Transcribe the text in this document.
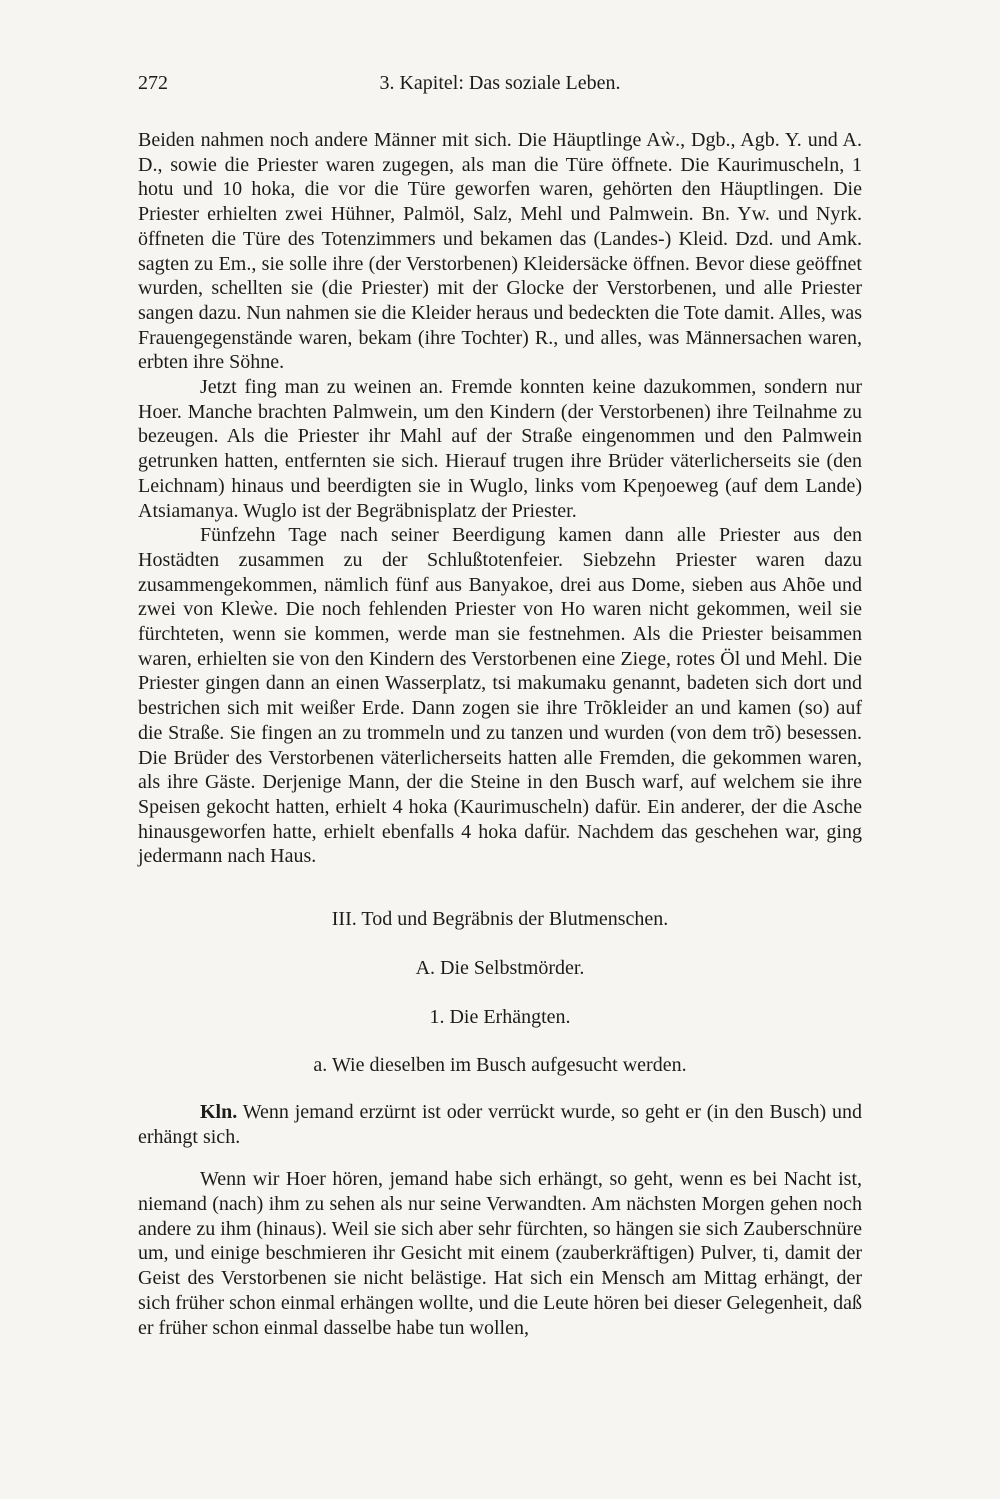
272	3. Kapitel: Das soziale Leben.

Beiden nahmen noch andere Männer mit sich. Die Häuptlinge Aẁ., Dgb., Agb. Y. und A. D., sowie die Priester waren zugegen, als man die Türe öffnete. Die Kaurimuscheln, 1 hotu und 10 hoka, die vor die Türe geworfen waren, gehörten den Häuptlingen. Die Priester erhielten zwei Hühner, Palmöl, Salz, Mehl und Palmwein. Bn. Yw. und Nyrk. öffneten die Türe des Totenzimmers und bekamen das (Landes-) Kleid. Dzd. und Amk. sagten zu Em., sie solle ihre (der Verstorbenen) Kleidersäcke öffnen. Bevor diese geöffnet wurden, schellten sie (die Priester) mit der Glocke der Verstorbenen, und alle Priester sangen dazu. Nun nahmen sie die Kleider heraus und bedeckten die Tote damit. Alles, was Frauengegenstände waren, bekam (ihre Tochter) R., und alles, was Männersachen waren, erbten ihre Söhne.

Jetzt fing man zu weinen an. Fremde konnten keine dazukommen, sondern nur Hoer. Manche brachten Palmwein, um den Kindern (der Verstorbenen) ihre Teilnahme zu bezeugen. Als die Priester ihr Mahl auf der Straße eingenommen und den Palmwein getrunken hatten, entfernten sie sich. Hierauf trugen ihre Brüder väterlicherseits sie (den Leichnam) hinaus und beerdigten sie in Wuglo, links vom Kpeŋoeweg (auf dem Lande) Atsiamanya. Wuglo ist der Begräbnisplatz der Priester.

Fünfzehn Tage nach seiner Beerdigung kamen dann alle Priester aus den Hostädten zusammen zu der Schlußtotenfeier. Siebzehn Priester waren dazu zusammengekommen, nämlich fünf aus Banyakoe, drei aus Dome, sieben aus Ahõe und zwei von Kleẁe. Die noch fehlenden Priester von Ho waren nicht gekommen, weil sie fürchteten, wenn sie kommen, werde man sie festnehmen. Als die Priester beisammen waren, erhielten sie von den Kindern des Verstorbenen eine Ziege, rotes Öl und Mehl. Die Priester gingen dann an einen Wasserplatz, tsi makumaku genannt, badeten sich dort und bestrichen sich mit weißer Erde. Dann zogen sie ihre Trõkleider an und kamen (so) auf die Straße. Sie fingen an zu trommeln und zu tanzen und wurden (von dem trõ) besessen. Die Brüder des Verstorbenen väterlicherseits hatten alle Fremden, die gekommen waren, als ihre Gäste. Derjenige Mann, der die Steine in den Busch warf, auf welchem sie ihre Speisen gekocht hatten, erhielt 4 hoka (Kaurimuscheln) dafür. Ein anderer, der die Asche hinausgeworfen hatte, erhielt ebenfalls 4 hoka dafür. Nachdem das geschehen war, ging jedermann nach Haus.

III. Tod und Begräbnis der Blutmenschen.

A. Die Selbstmörder.

1. Die Erhängten.

a. Wie dieselben im Busch aufgesucht werden.

Kln. Wenn jemand erzürnt ist oder verrückt wurde, so geht er (in den Busch) und erhängt sich.

Wenn wir Hoer hören, jemand habe sich erhängt, so geht, wenn es bei Nacht ist, niemand (nach) ihm zu sehen als nur seine Verwandten. Am nächsten Morgen gehen noch andere zu ihm (hinaus). Weil sie sich aber sehr fürchten, so hängen sie sich Zauberschnüre um, und einige beschmieren ihr Gesicht mit einem (zauberkräftigen) Pulver, ti, damit der Geist des Verstorbenen sie nicht belästige. Hat sich ein Mensch am Mittag erhängt, der sich früher schon einmal erhängen wollte, und die Leute hören bei dieser Gelegenheit, daß er früher schon einmal dasselbe habe tun wollen,
